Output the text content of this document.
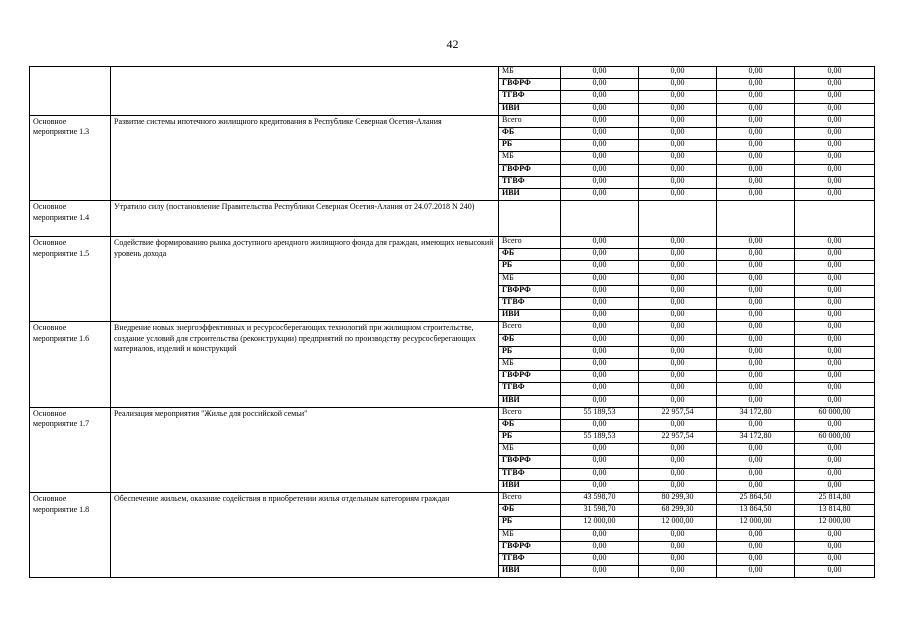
42
		МБ	0,00	0,00	0,00	0,00
		ГВФРФ	0,00	0,00	0,00	0,00
		ТГВФ	0,00	0,00	0,00	0,00
		ИВИ	0,00	0,00	0,00	0,00
Основное мероприятие 1.3	Развитие системы ипотечного жилищного кредитования в Республике Северная Осетия-Алания	Всего	0,00	0,00	0,00	0,00
		ФБ	0,00	0,00	0,00	0,00
		РБ	0,00	0,00	0,00	0,00
		МБ	0,00	0,00	0,00	0,00
		ГВФРФ	0,00	0,00	0,00	0,00
		ТГВФ	0,00	0,00	0,00	0,00
		ИВИ	0,00	0,00	0,00	0,00
Основное мероприятие 1.4	Утратило силу (постановление Правительства Республики Северная Осетия-Алания от 24.07.2018 N 240)					
Основное мероприятие 1.5	Содействие формированию рынка доступного арендного жилищного фонда для граждан, имеющих невысокий уровень дохода	Всего	0,00	0,00	0,00	0,00
		ФБ	0,00	0,00	0,00	0,00
		РБ	0,00	0,00	0,00	0,00
		МБ	0,00	0,00	0,00	0,00
		ГВФРФ	0,00	0,00	0,00	0,00
		ТГВФ	0,00	0,00	0,00	0,00
		ИВИ	0,00	0,00	0,00	0,00
Основное мероприятие 1.6	Внедрение новых энергоэффективных и ресурсосберегающих технологий при жилищном строительстве, создание условий для строительства (реконструкции) предприятий по производству ресурсосберегающих материалов, изделий и конструкций	Всего	0,00	0,00	0,00	0,00
		ФБ	0,00	0,00	0,00	0,00
		РБ	0,00	0,00	0,00	0,00
		МБ	0,00	0,00	0,00	0,00
		ГВФРФ	0,00	0,00	0,00	0,00
		ТГВФ	0,00	0,00	0,00	0,00
		ИВИ	0,00	0,00	0,00	0,00
Основное мероприятие 1.7	Реализация мероприятия "Жилье для российской семьи"	Всего	55 189,53	22 957,54	34 172,80	60 000,00
		ФБ	0,00	0,00	0,00	0,00
		РБ	55 189,53	22 957,54	34 172,80	60 000,00
		МБ	0,00	0,00	0,00	0,00
		ГВФРФ	0,00	0,00	0,00	0,00
		ТГВФ	0,00	0,00	0,00	0,00
		ИВИ	0,00	0,00	0,00	0,00
Основное мероприятие 1.8	Обеспечение жильем, оказание содействия в приобретении жилья отдельным категориям граждан	Всего	43 598,70	80 299,30	25 864,50	25 814,80
		ФБ	31 598,70	68 299,30	13 864,50	13 814,80
		РБ	12 000,00	12 000,00	12 000,00	12 000,00
		МБ	0,00	0,00	0,00	0,00
		ГВФРФ	0,00	0,00	0,00	0,00
		ТГВФ	0,00	0,00	0,00	0,00
		ИВИ	0,00	0,00	0,00	0,00
